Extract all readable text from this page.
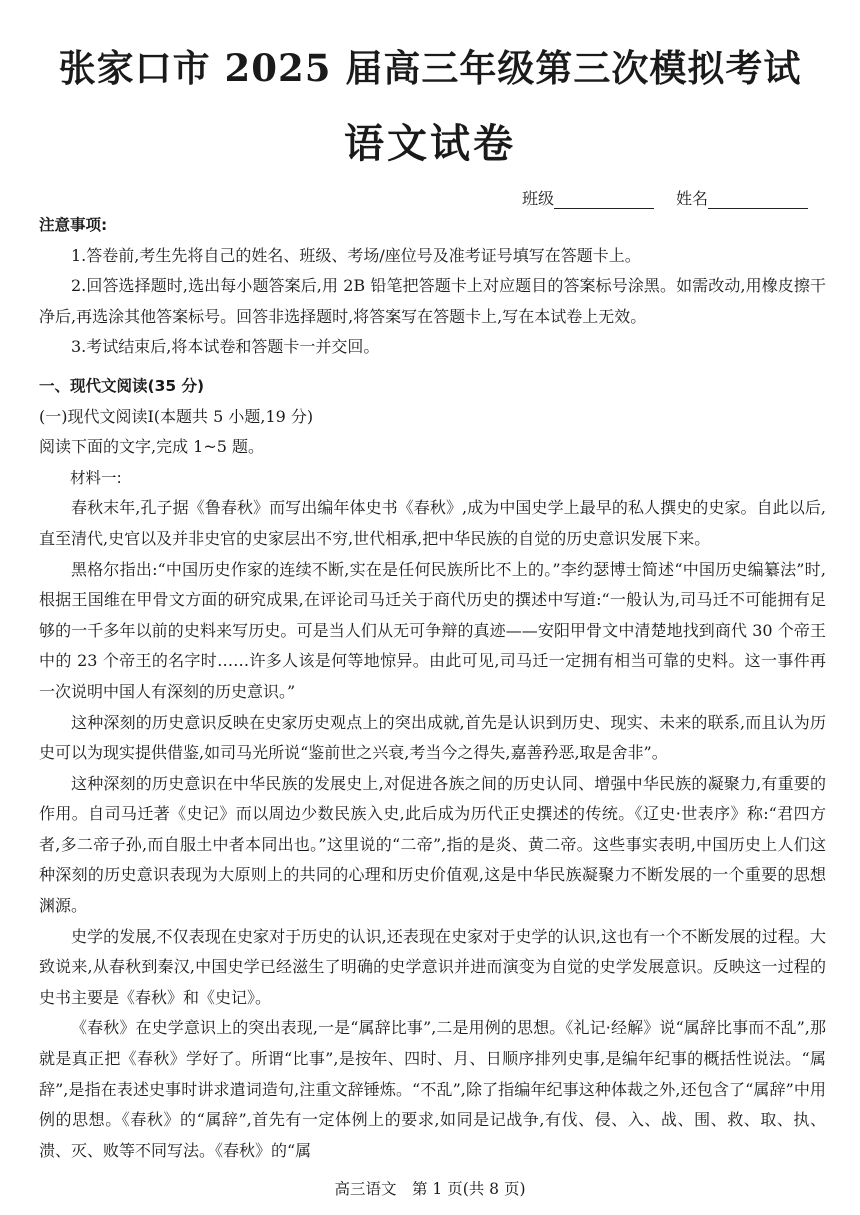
张家口市 2025 届高三年级第三次模拟考试
语文试卷
班级	姓名

注意事项:

1.答卷前,考生先将自己的姓名、班级、考场/座位号及准考证号填写在答题卡上。

2.回答选择题时,选出每小题答案后,用 2B 铅笔把答题卡上对应题目的答案标号涂黑。如需改动,用橡皮擦干净后,再选涂其他答案标号。回答非选择题时,将答案写在答题卡上,写在本试卷上无效。

3.考试结束后,将本试卷和答题卡一并交回。

一、现代文阅读(35 分)

(一)现代文阅读Ⅰ(本题共 5 小题,19 分)

阅读下面的文字,完成 1~5 题。

材料一:

春秋末年,孔子据《鲁春秋》而写出编年体史书《春秋》,成为中国史学上最早的私人撰史的史家。自此以后,直至清代,史官以及并非史官的史家层出不穷,世代相承,把中华民族的自觉的历史意识发展下来。

黑格尔指出:“中国历史作家的连续不断,实在是任何民族所比不上的。”李约瑟博士简述“中国历史编纂法”时,根据王国维在甲骨文方面的研究成果,在评论司马迁关于商代历史的撰述中写道:“一般认为,司马迁不可能拥有足够的一千多年以前的史料来写历史。可是当人们从无可争辩的真迹——安阳甲骨文中清楚地找到商代 30 个帝王中的 23 个帝王的名字时……许多人该是何等地惊异。由此可见,司马迁一定拥有相当可靠的史料。这一事件再一次说明中国人有深刻的历史意识。”

这种深刻的历史意识反映在史家历史观点上的突出成就,首先是认识到历史、现实、未来的联系,而且认为历史可以为现实提供借鉴,如司马光所说“鉴前世之兴衰,考当今之得失,嘉善矜恶,取是舍非”。

这种深刻的历史意识在中华民族的发展史上,对促进各族之间的历史认同、增强中华民族的凝聚力,有重要的作用。自司马迁著《史记》而以周边少数民族入史,此后成为历代正史撰述的传统。《辽史·世表序》称:“君四方者,多二帝子孙,而自服土中者本同出也。”这里说的“二帝”,指的是炎、黄二帝。这些事实表明,中国历史上人们这种深刻的历史意识表现为大原则上的共同的心理和历史价值观,这是中华民族凝聚力不断发展的一个重要的思想渊源。

史学的发展,不仅表现在史家对于历史的认识,还表现在史家对于史学的认识,这也有一个不断发展的过程。大致说来,从春秋到秦汉,中国史学已经滋生了明确的史学意识并进而演变为自觉的史学发展意识。反映这一过程的史书主要是《春秋》和《史记》。

《春秋》在史学意识上的突出表现,一是“属辞比事”,二是用例的思想。《礼记·经解》说“属辞比事而不乱”,那就是真正把《春秋》学好了。所谓“比事”,是按年、四时、月、日顺序排列史事,是编年纪事的概括性说法。“属辞”,是指在表述史事时讲求遣词造句,注重文辞锤炼。“不乱”,除了指编年纪事这种体裁之外,还包含了“属辞”中用例的思想。《春秋》的“属辞”,首先有一定体例上的要求,如同是记战争,有伐、侵、入、战、围、救、取、执、溃、灭、败等不同写法。《春秋》的“属

高三语文　第 1 页(共 8 页)
